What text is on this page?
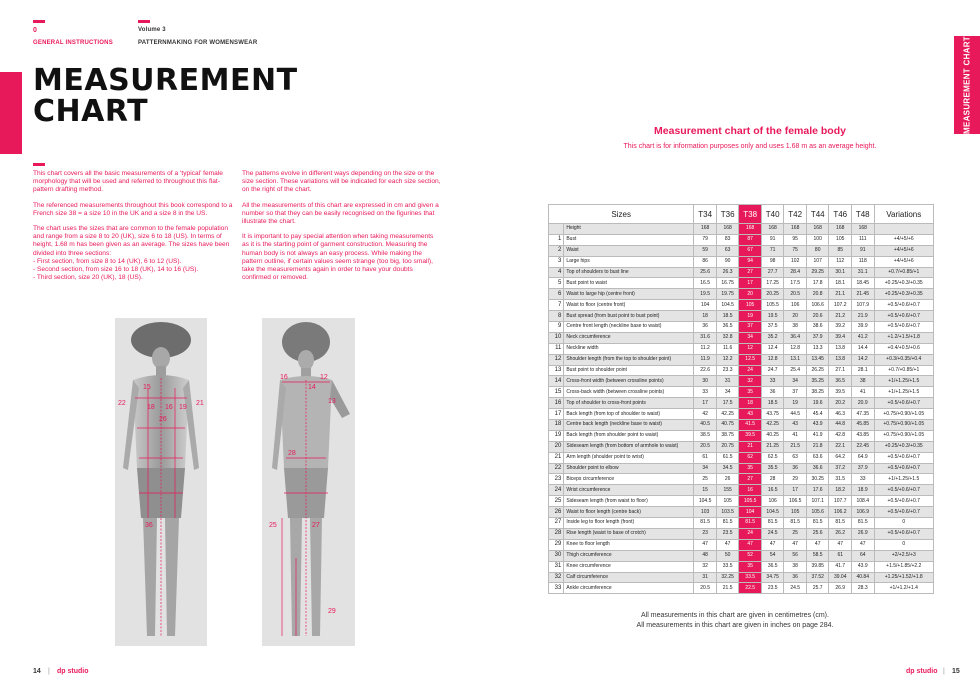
0
GENERAL INSTRUCTIONS
Volume 3
PATTERNMAKING FOR WOMENSWEAR
MEASUREMENT
CHART

This chart covers all the basic measurements of a ‘typical’ female morphology that will be used and referred to throughout this flat-pattern drafting method.

The referenced measurements throughout this book correspond to a French size 38 = a size 10 in the UK and a size 8 in the US.

The chart uses the sizes that are common to the female population and range from a size 8 to 20 (UK), size 6 to 18 (US). In terms of height, 1.68 m has been given as an average. The sizes have been divided into three sections:

- First section, from size 8 to 14 (UK), 6 to 12 (US).
- Second section, from size 16 to 18 (UK), 14 to 16 (US).
- Third section, size 20 (UK), 18 (US).

The patterns evolve in different ways depending on the size or the size section. These variations will be indicated for each size section, on the right of the chart.

All the measurements of this chart are expressed in cm and given a number so that they can be easily recognised on the figurines that illustrate the chart.

It is important to pay special attention when taking measurements as it is the starting point of garment construction. Measuring the human body is not always an easy process. While making the pattern outline, if certain values seem strange (too big, too small), take the measurements again in order to have your doubts confirmed or removed.

22
15
18 16
26
19
21
36
16
14
12
13
28
25	27
29
14 | dp studio
MEASUREMENT CHART
Measurement chart of the female body
This chart is for information purposes only and uses 1.68 m as an average height.
Sizes		T34	T36	T38	T40	T42	T44	T46	T48	Variations
	Height	168	168	168	168	168	168	168	168	
1	Bust	79	83	87	91	95	100	105	111	+4/+5/+6
2	Waist	59	63	67	71	75	80	85	91	+4/+5/+6
3	Large hips	86	90	94	98	102	107	112	118	+4/+5/+6
4	Top of shoulders to bust line	25.6	26.3	27	27.7	28.4	29.25	30.1	31.1	+0.7/+0.85/+1
5	Bust point to waist	16.5	16.75	17	17.25	17.5	17.8	18.1	18.45	+0.25/+0.3/+0.35
6	Waist to large hip (centre front)	19.5	19.75	20	20.25	20.5	20.8	21.1	21.45	+0.25/+0.3/+0.35
7	Waist to floor (centre front)	104	104.5	105	105.5	106	106.6	107.2	107.9	+0.5/+0.6/+0.7
8	Bust spread (from bust point to bust point)	18	18.5	19	19.5	20	20.6	21.2	21.9	+0.5/+0.6/+0.7
9	Centre front length (neckline base to waist)	36	36.5	37	37.5	38	38.6	39.2	39.9	+0.5/+0.6/+0.7
10	Neck circumference	31.6	32.8	34	35.2	36.4	37.9	39.4	41.2	+1.2/+1.5/+1.8
11	Neckline width	11.2	11.6	12	12.4	12.8	13.3	13.8	14.4	+0.4/+0.5/+0.6
12	Shoulder length (from the top to shoulder point)	11.9	12.2	12.5	12.8	13.1	13.45	13.8	14.2	+0.3/+0.35/+0.4
13	Bust point to shoulder point	22.6	23.3	24	24.7	25.4	26.25	27.1	28.1	+0.7/+0.85/+1
14	Cross-front width (between crossline points)	30	31	32	33	34	35.25	36.5	38	+1/+1.25/+1.5
15	Cross-back width (between crossline points)	33	34	35	36	37	38.25	39.5	41	+1/+1.25/+1.5
16	Top of shoulder to cross-front points	17	17.5	18	18.5	19	19.6	20.2	20.9	+0.5/+0.6/+0.7
17	Back length (from top of shoulder to waist)	42	42.25	43	43.75	44.5	45.4	46.3	47.35	+0.75/+0.90/+1.05
18	Centre back length (neckline base to waist)	40.5	40.75	41.5	42.25	43	43.9	44.8	45.85	+0.75/+0.90/+1.05
19	Back length (from shoulder point to waist)	38.5	38.75	39.5	40.25	41	41.9	42.8	43.85	+0.75/+0.90/+1.05
20	Sideseam length (from bottom of armhole to waist)	20.5	20.75	21	21.25	21.5	21.8	22.1	22.45	+0.25/+0.3/+0.35
21	Arm length (shoulder point to wrist)	61	61.5	62	62.5	63	63.6	64.2	64.9	+0.5/+0.6/+0.7
22	Shoulder point to elbow	34	34.5	35	35.5	36	36.6	37.2	37.9	+0.5/+0.6/+0.7
23	Biceps circumference	25	26	27	28	29	30.25	31.5	33	+1/+1.25/+1.5
24	Wrist circumference	15	155	16	16.5	17	17.6	18.2	18.9	+0.5/+0.6/+0.7
25	Sideseam length (from waist to floor)	104.5	105	105.5	106	106.5	107.1	107.7	108.4	+0.5/+0.6/+0.7
26	Waist to floor length (centre back)	103	103.5	104	104.5	105	105.6	106.2	106.9	+0.5/+0.6/+0.7
27	Inside leg to floor length (front)	81.5	81.5	81.5	81.5	81.5	81.5	81.5	81.5	0
28	Rise length (waist to base of crotch)	23	23.5	24	24.5	25	25.6	26.2	26.9	+0.5/+0.6/+0.7
29	Knee to floor length	47	47	47	47	47	47	47	47	0
30	Thigh circumference	48	50	52	54	56	58.5	61	64	+2/+2.5/+3
31	Knee circumference	32	33.5	35	36.5	38	39.85	41.7	43.9	+1.5/+1.85/+2.2
32	Calf circumference	31	32.25	33.5	34.75	36	37.52	39.04	40.84	+1.25/+1.52/+1.8
33	Ankle circumference	20.5	21.5	22.5	23.5	24.5	25.7	26.9	28.3	+1/+1.2/+1.4
All measurements in this chart are given in centimetres (cm).
All measurements in this chart are given in inches on page 284.
dp studio | 15
